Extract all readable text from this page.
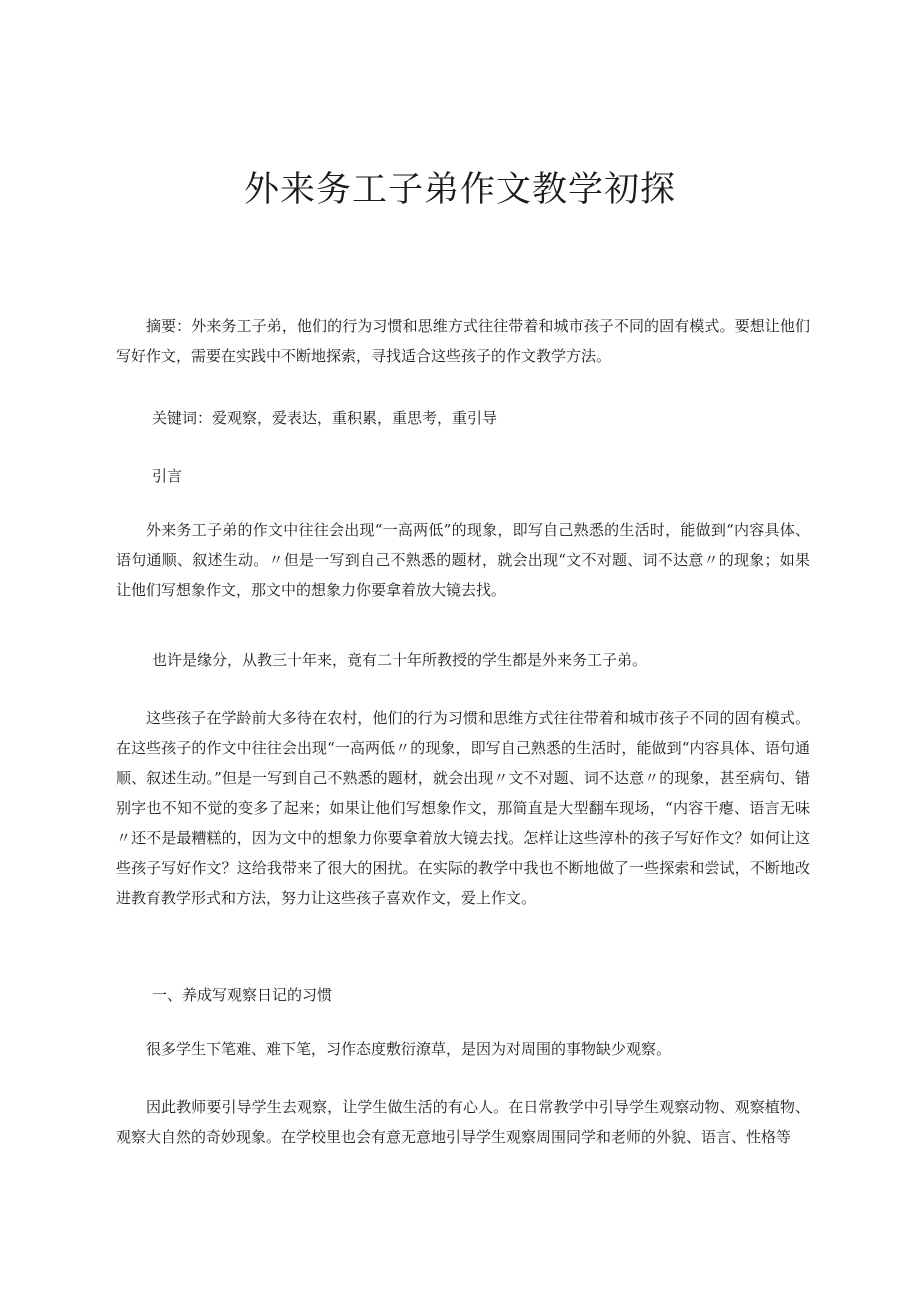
外来务工子弟作文教学初探

摘要：外来务工子弟，他们的行为习惯和思维方式往往带着和城市孩子不同的固有模式。要想让他们写好作文，需要在实践中不断地探索，寻找适合这些孩子的作文教学方法。

关键词：爱观察，爱表达，重积累，重思考，重引导

引言

外来务工子弟的作文中往往会出现“一高两低”的现象，即写自己熟悉的生活时，能做到“内容具体、语句通顺、叙述生动。〃但是一写到自己不熟悉的题材，就会出现“文不对题、词不达意〃的现象；如果让他们写想象作文，那文中的想象力你要拿着放大镜去找。

也许是缘分，从教三十年来，竟有二十年所教授的学生都是外来务工子弟。

这些孩子在学龄前大多待在农村，他们的行为习惯和思维方式往往带着和城市孩子不同的固有模式。在这些孩子的作文中往往会出现“一高两低〃的现象，即写自己熟悉的生活时，能做到“内容具体、语句通顺、叙述生动。”但是一写到自己不熟悉的题材，就会出现〃文不对题、词不达意〃的现象，甚至病句、错别字也不知不觉的变多了起来；如果让他们写想象作文，那简直是大型翻车现场，“内容干瘪、语言无味〃还不是最糟糕的，因为文中的想象力你要拿着放大镜去找。怎样让这些淳朴的孩子写好作文？如何让这些孩子写好作文？这给我带来了很大的困扰。在实际的教学中我也不断地做了一些探索和尝试，不断地改进教育教学形式和方法，努力让这些孩子喜欢作文，爱上作文。

一、养成写观察日记的习惯

很多学生下笔难、难下笔，习作态度敷衍潦草，是因为对周围的事物缺少观察。

因此教师要引导学生去观察，让学生做生活的有心人。在日常教学中引导学生观察动物、观察植物、观察大自然的奇妙现象。在学校里也会有意无意地引导学生观察周围同学和老师的外貌、语言、性格等
